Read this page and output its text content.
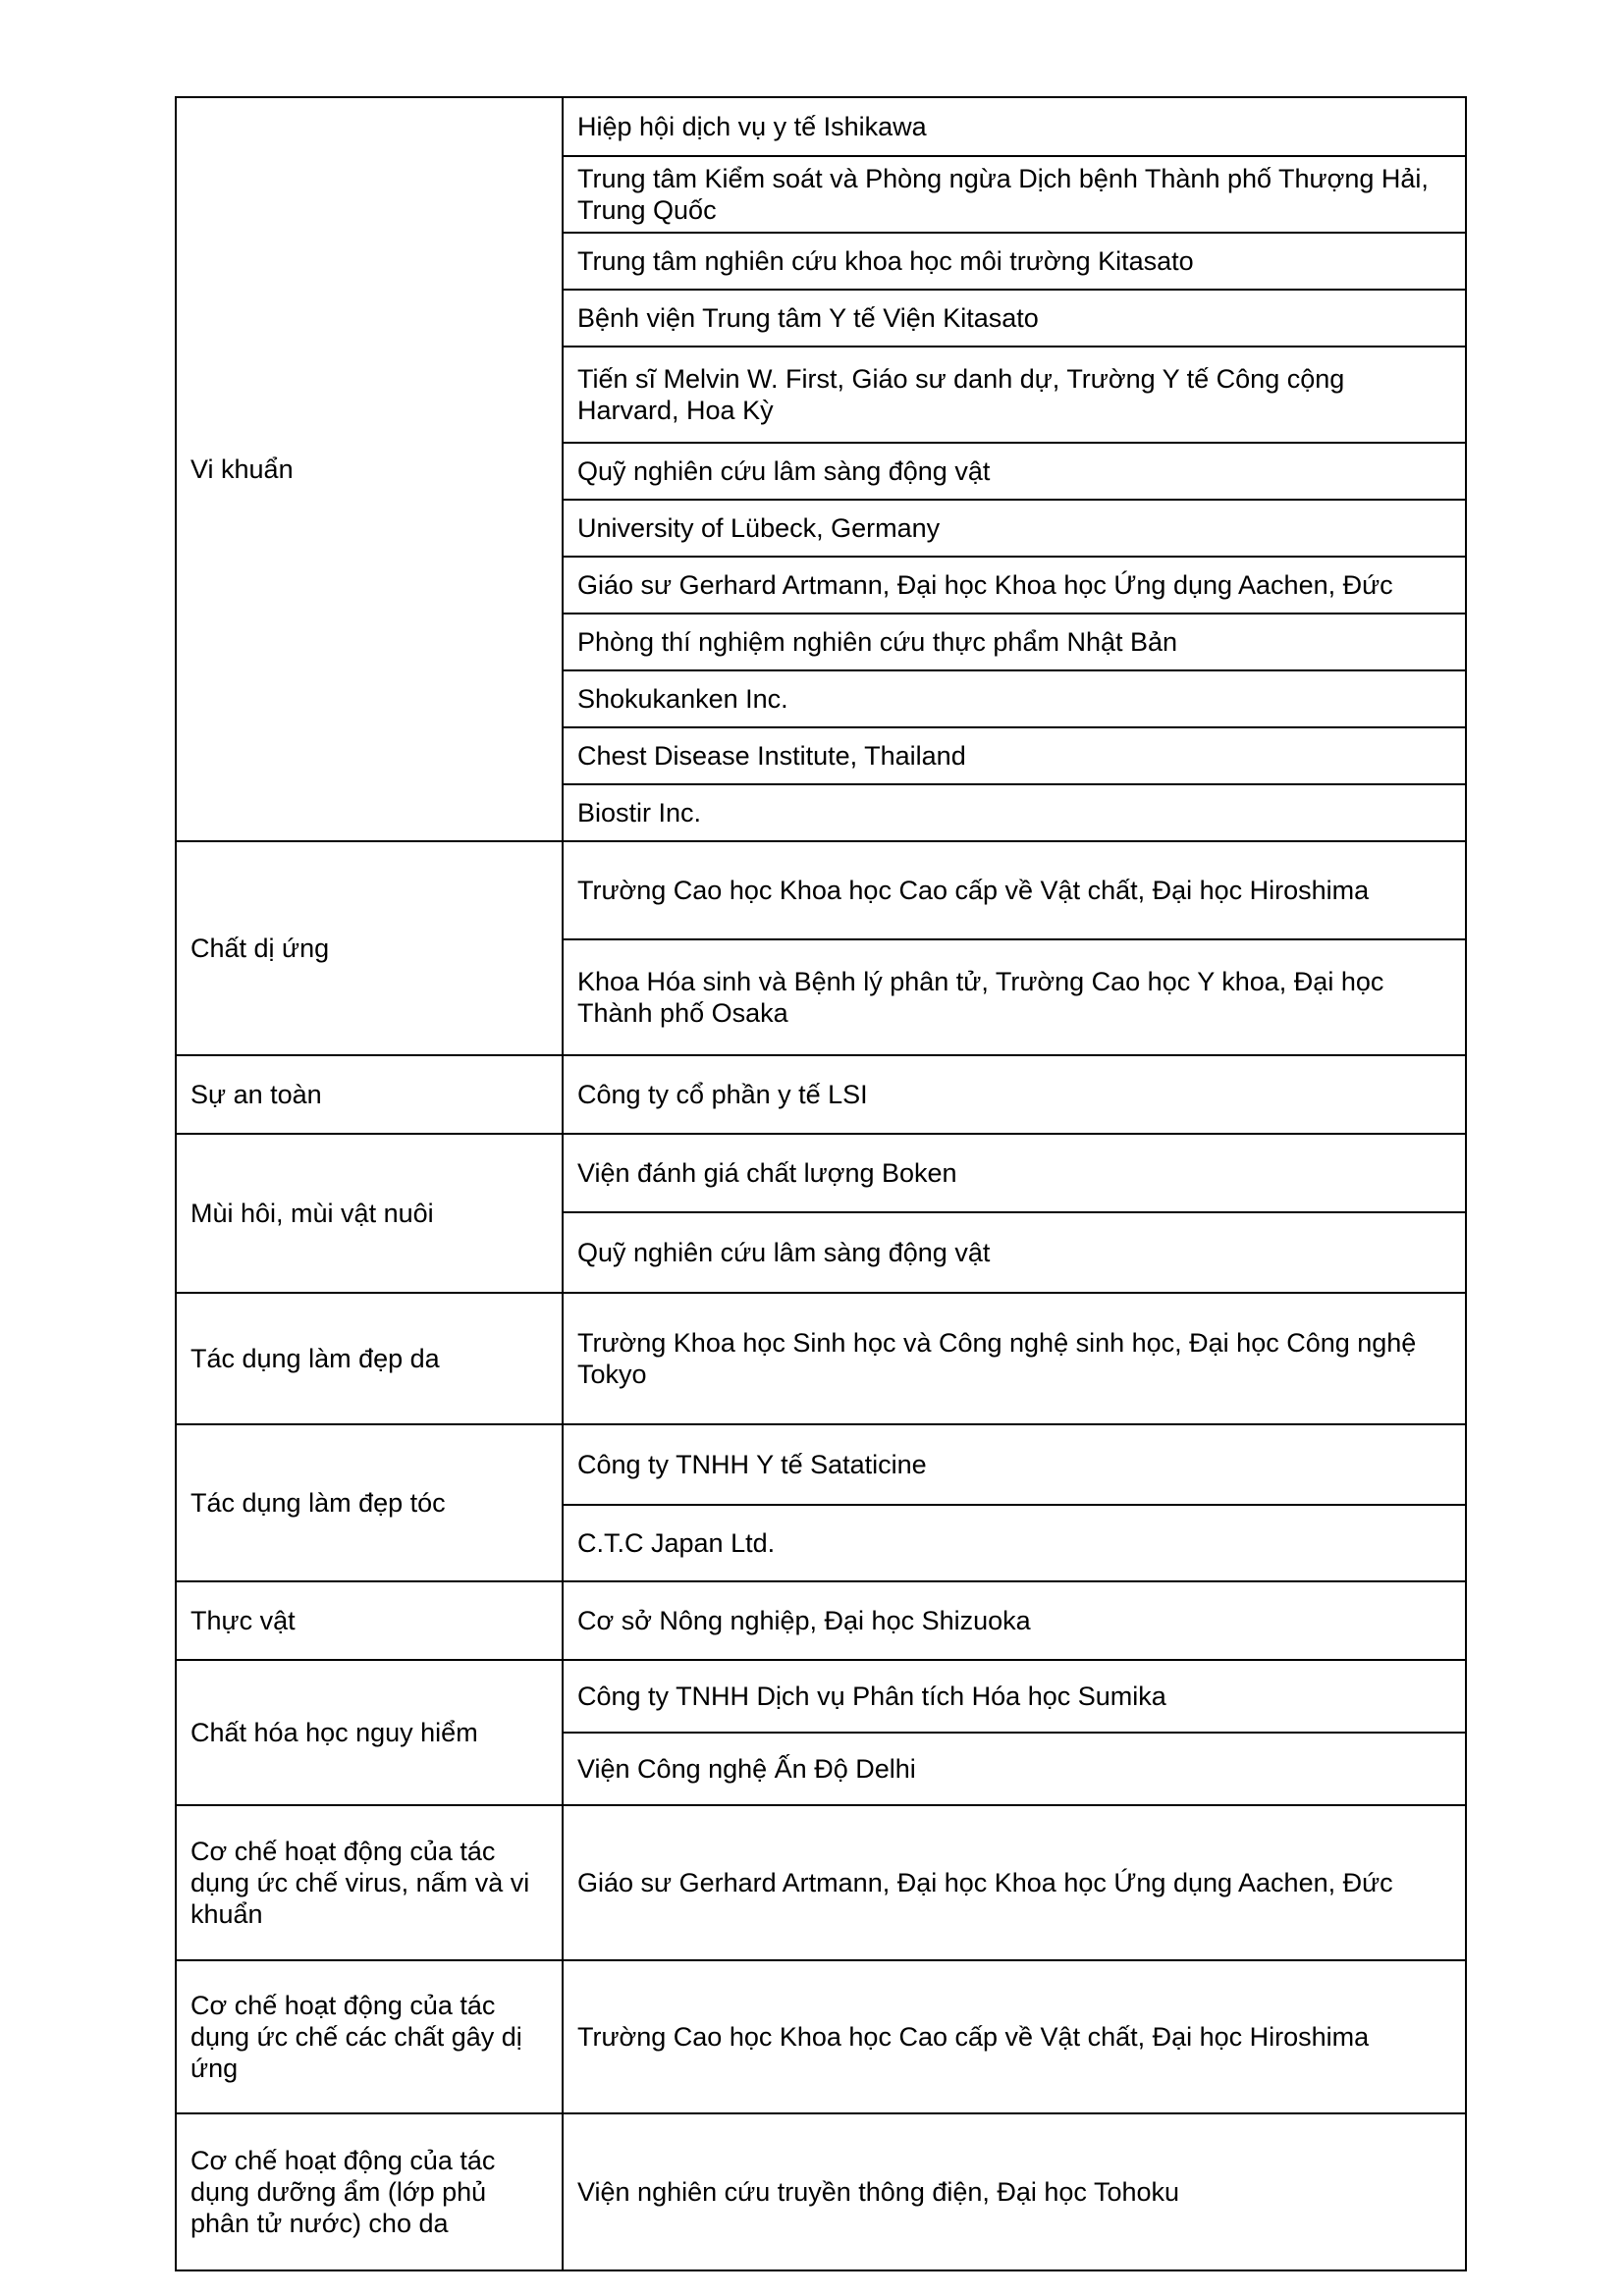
Vi khuẩn
Hiệp hội dịch vụ y tế Ishikawa
Trung tâm Kiểm soát và Phòng ngừa Dịch bệnh Thành phố Thượng Hải, Trung Quốc
Trung tâm nghiên cứu khoa học môi trường Kitasato
Bệnh viện Trung tâm Y tế Viện Kitasato
Tiến sĩ Melvin W. First, Giáo sư danh dự, Trường Y tế Công cộng Harvard, Hoa Kỳ
Quỹ nghiên cứu lâm sàng động vật
University of Lübeck, Germany
Giáo sư Gerhard Artmann, Đại học Khoa học Ứng dụng Aachen, Đức
Phòng thí nghiệm nghiên cứu thực phẩm Nhật Bản
Shokukanken Inc.
Chest Disease Institute, Thailand
Biostir Inc.
Chất dị ứng
Trường Cao học Khoa học Cao cấp về Vật chất, Đại học Hiroshima
Khoa Hóa sinh và Bệnh lý phân tử, Trường Cao học Y khoa, Đại học Thành phố Osaka
Sự an toàn	Công ty cổ phần y tế LSI
Mùi hôi, mùi vật nuôi
Viện đánh giá chất lượng Boken
Quỹ nghiên cứu lâm sàng động vật
Tác dụng làm đẹp da
Trường Khoa học Sinh học và Công nghệ sinh học, Đại học Công nghệ Tokyo
Tác dụng làm đẹp tóc
Công ty TNHH Y tế Sataticine
C.T.C Japan Ltd.
Thực vật	Cơ sở Nông nghiệp, Đại học Shizuoka
Chất hóa học nguy hiểm
Công ty TNHH Dịch vụ Phân tích Hóa học Sumika
Viện Công nghệ Ấn Độ Delhi
Cơ chế hoạt động của tác dụng ức chế virus, nấm và vi khuẩn
Giáo sư Gerhard Artmann, Đại học Khoa học Ứng dụng Aachen, Đức
Cơ chế hoạt động của tác dụng ức chế các chất gây dị ứng
Trường Cao học Khoa học Cao cấp về Vật chất, Đại học Hiroshima
Cơ chế hoạt động của tác dụng dưỡng ẩm (lớp phủ phân tử nước) cho da
Viện nghiên cứu truyền thông điện, Đại học Tohoku
